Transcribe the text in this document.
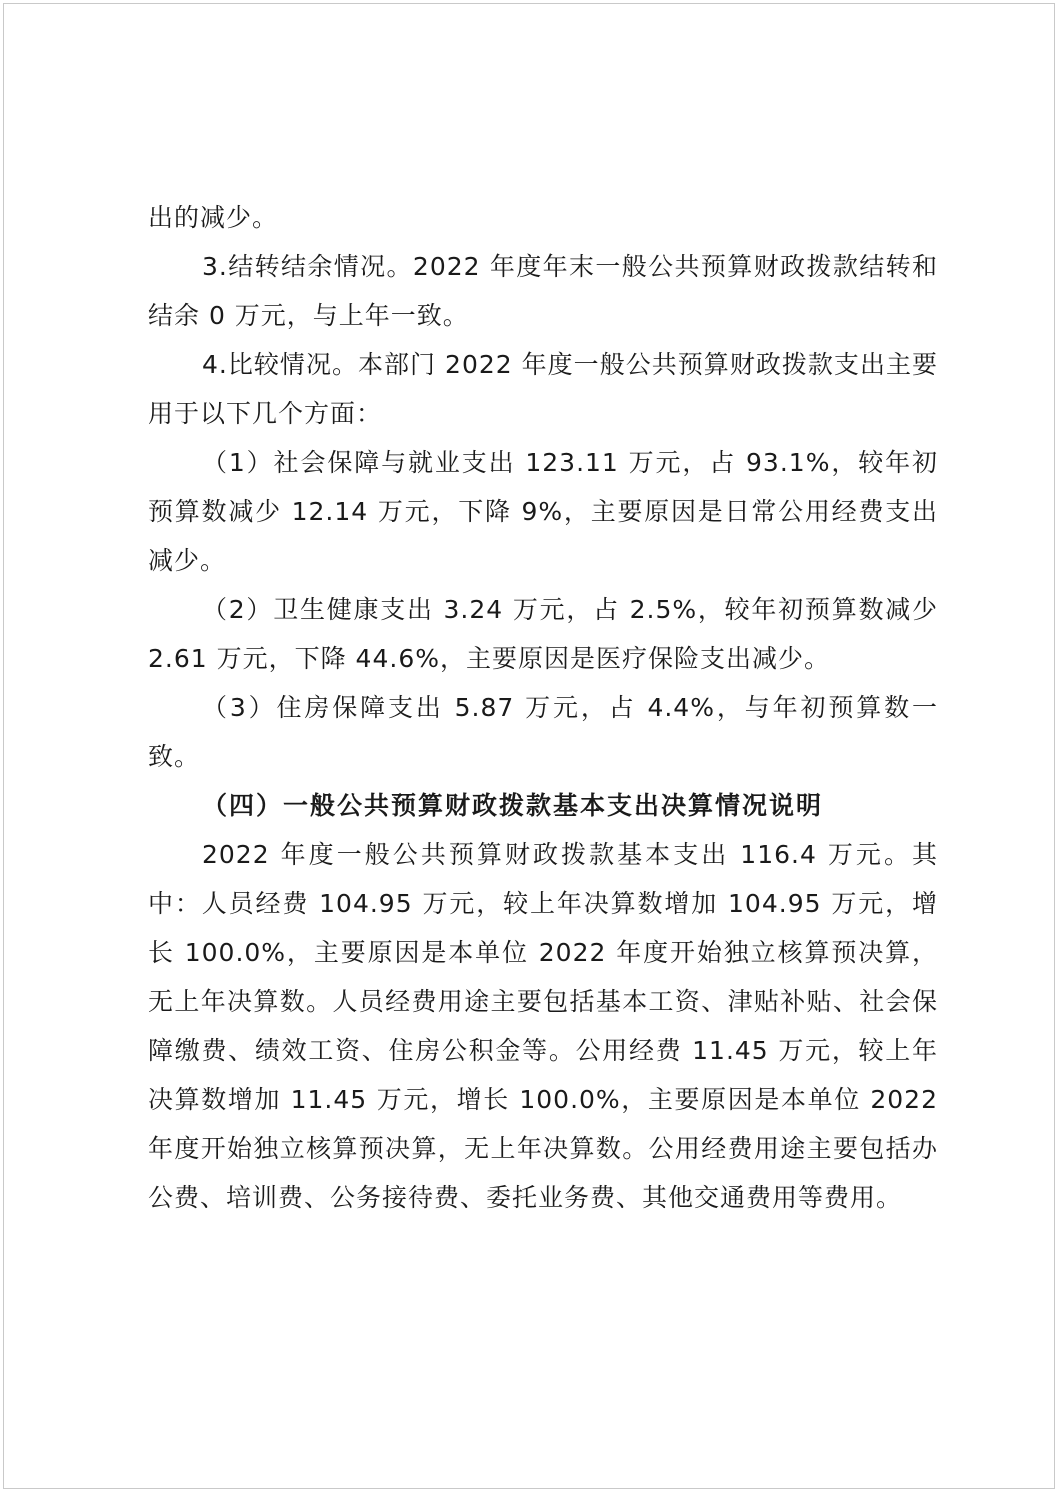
出的减少。

3.结转结余情况。2022 年度年末一般公共预算财政拨款结转和结余 0 万元，与上年一致。

4.比较情况。本部门 2022 年度一般公共预算财政拨款支出主要用于以下几个方面：

（1）社会保障与就业支出 123.11 万元，占 93.1%，较年初预算数减少 12.14 万元，下降 9%，主要原因是日常公用经费支出减少。

（2）卫生健康支出 3.24 万元，占 2.5%，较年初预算数减少 2.61 万元，下降 44.6%，主要原因是医疗保险支出减少。

（3）住房保障支出 5.87 万元，占 4.4%，与年初预算数一致。

（四）一般公共预算财政拨款基本支出决算情况说明

2022 年度一般公共预算财政拨款基本支出 116.4 万元。其中：人员经费 104.95 万元，较上年决算数增加 104.95 万元，增长 100.0%，主要原因是本单位 2022 年度开始独立核算预决算，无上年决算数。人员经费用途主要包括基本工资、津贴补贴、社会保障缴费、绩效工资、住房公积金等。公用经费 11.45 万元，较上年决算数增加 11.45 万元，增长 100.0%，主要原因是本单位 2022 年度开始独立核算预决算，无上年决算数。公用经费用途主要包括办公费、培训费、公务接待费、委托业务费、其他交通费用等费用。
